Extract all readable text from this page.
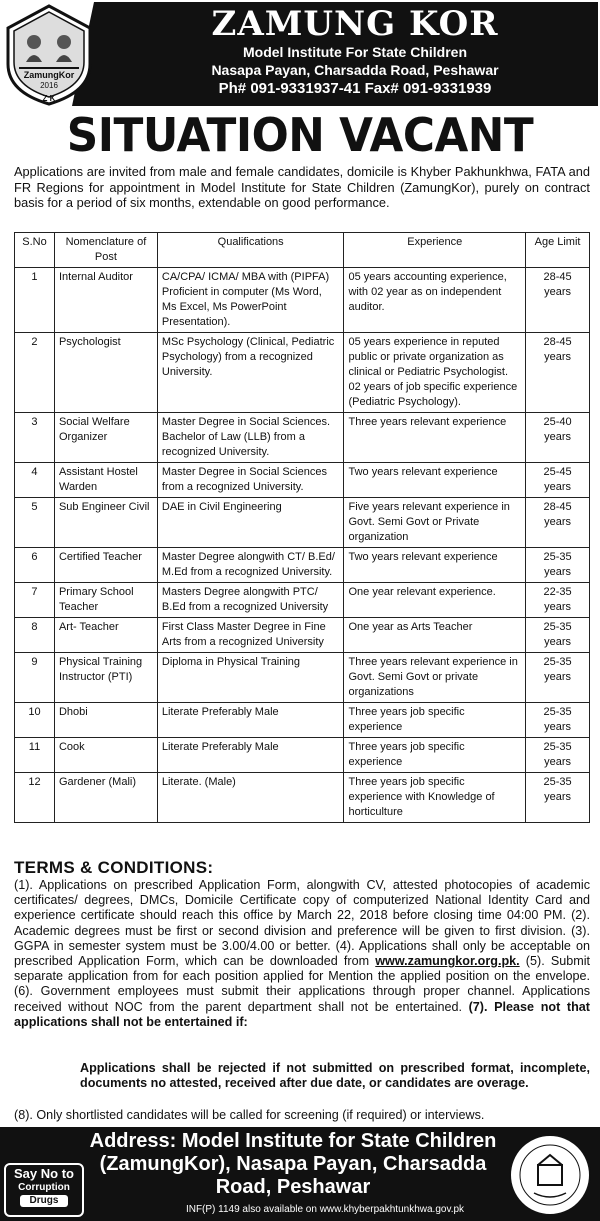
ZamungKor
2016
Z K
ZAMUNG KOR
Model Institute For State Children
Nasapa Payan, Charsadda Road, Peshawar
Ph# 091-9331937-41 Fax# 091-9331939
SITUATION VACANT
Applications are invited from male and female candidates, domicile is Khyber Pakhunkhwa, FATA and FR Regions for appointment in Model Institute for State Children (ZamungKor), purely on contract basis for a period of six months, extendable on good performance.
S.No	Nomenclature of Post	Qualifications	Experience	Age Limit
1	Internal Auditor	CA/CPA/ ICMA/ MBA with (PIPFA) Proficient in computer (Ms Word, Ms Excel, Ms PowerPoint Presentation).	05 years accounting experience, with 02 year as on independent auditor.	28-45 years
2	Psychologist	MSc Psychology (Clinical, Pediatric Psychology) from a recognized University.	05 years experience in reputed public or private organization as clinical or Pediatric Psychologist. 02 years of job specific experience (Pediatric Psychology).	28-45 years
3	Social Welfare Organizer	Master Degree in Social Sciences. Bachelor of Law (LLB) from a recognized University.	Three years relevant experience	25-40 years
4	Assistant Hostel Warden	Master Degree in Social Sciences from a recognized University.	Two years relevant experience	25-45 years
5	Sub Engineer Civil	DAE in Civil Engineering	Five years relevant experience in Govt. Semi Govt or Private organization	28-45 years
6	Certified Teacher	Master Degree alongwith CT/ B.Ed/ M.Ed from a recognized University.	Two years relevant experience	25-35 years
7	Primary School Teacher	Masters Degree alongwith PTC/ B.Ed from a recognized University	One year relevant experience.	22-35 years
8	Art- Teacher	First Class Master Degree in Fine Arts from a recognized University	One year as Arts Teacher	25-35 years
9	Physical Training Instructor (PTI)	Diploma in Physical Training	Three years relevant experience in Govt. Semi Govt or private organizations	25-35 years
10	Dhobi	Literate Preferably Male	Three years job specific experience	25-35 years
11	Cook	Literate Preferably Male	Three years job specific experience	25-35 years
12	Gardener (Mali)	Literate. (Male)	Three years job specific experience with Knowledge of horticulture	25-35 years
TERMS & CONDITIONS:
(1). Applications on prescribed Application Form, alongwith CV, attested photocopies of academic certificates/ degrees, DMCs, Domicile Certificate copy of computerized National Identity Card and experience certificate should reach this office by March 22, 2018 before closing time 04:00 PM. (2). Academic degrees must be first or second division and preference will be given to first division. (3). GGPA in semester system must be 3.00/4.00 or better. (4). Applications shall only be acceptable on prescribed Application Form, which can be downloaded from www.zamungkor.org.pk. (5). Submit separate application from for each position applied for Mention the applied position on the envelope. (6). Government employees must submit their applications through proper channel. Applications received without NOC from the parent department shall not be entertained. (7). Please not that applications shall not be entertained if:
Applications shall be rejected if not submitted on prescribed format, incomplete, documents no attested, received after due date, or candidates are overage.
(8). Only shortlisted candidates will be called for screening (if required) or interviews.
Say No to
Corruption
Drugs
Address: Model Institute for State Children (ZamungKor), Nasapa Payan, Charsadda Road, Peshawar
INF(P) 1149 also available on www.khyberpakhtunkhwa.gov.pk
